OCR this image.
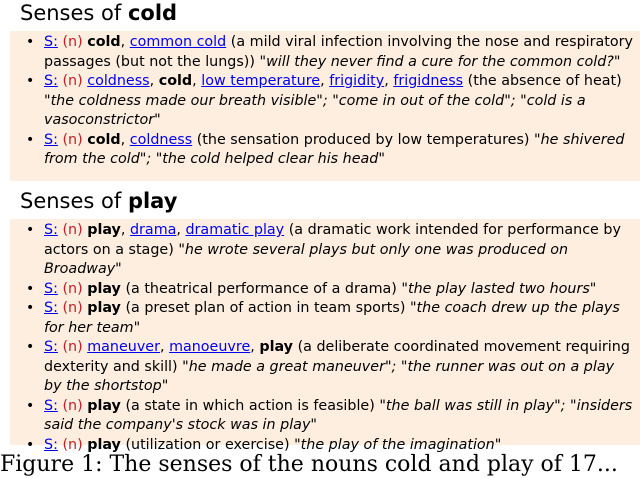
Senses of cold
• S: (n) cold, common cold (a mild viral infection involving the nose and respiratory passages (but not the lungs)) "will they never find a cure for the common cold?"
• S: (n) coldness, cold, low temperature, frigidity, frigidness (the absence of heat) "the coldness made our breath visible"; "come in out of the cold"; "cold is a vasoconstrictor"
• S: (n) cold, coldness (the sensation produced by low temperatures) "he shivered from the cold"; "the cold helped clear his head"
Senses of play
• S: (n) play, drama, dramatic play (a dramatic work intended for performance by actors on a stage) "he wrote several plays but only one was produced on Broadway"
• S: (n) play (a theatrical performance of a drama) "the play lasted two hours"
• S: (n) play (a preset plan of action in team sports) "the coach drew up the plays for her team"
• S: (n) maneuver, manoeuvre, play (a deliberate coordinated movement requiring dexterity and skill) "he made a great maneuver"; "the runner was out on a play by the shortstop"
• S: (n) play (a state in which action is feasible) "the ball was still in play"; "insiders said the company's stock was in play"
• S: (n) play (utilization or exercise) "the play of the imagination"
Figure 1: The senses of the nouns cold and play of 17...
